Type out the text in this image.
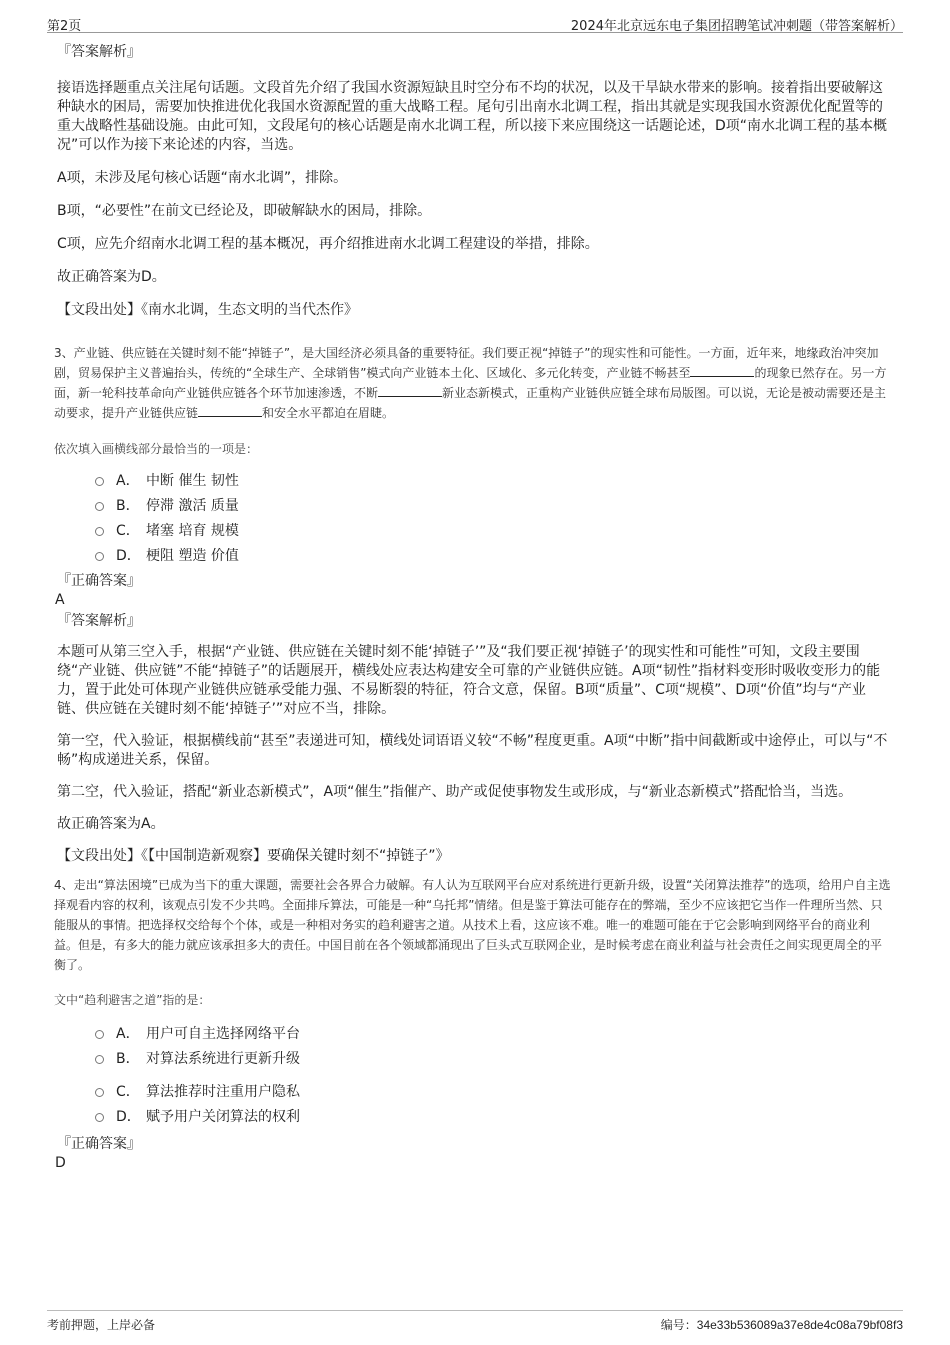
第2页	2024年北京远东电子集团招聘笔试冲刺题（带答案解析）
『答案解析』

接语选择题重点关注尾句话题。文段首先介绍了我国水资源短缺且时空分布不均的状况，以及干旱缺水带来的影响。接着指出要破解这种缺水的困局，需要加快推进优化我国水资源配置的重大战略工程。尾句引出南水北调工程，指出其就是实现我国水资源优化配置等的重大战略性基础设施。由此可知，文段尾句的核心话题是南水北调工程，所以接下来应围绕这一话题论述，D项“南水北调工程的基本概况”可以作为接下来论述的内容，当选。

A项，未涉及尾句核心话题“南水北调”，排除。

B项，“必要性”在前文已经论及，即破解缺水的困局，排除。

C项，应先介绍南水北调工程的基本概况，再介绍推进南水北调工程建设的举措，排除。

故正确答案为D。

【文段出处】《南水北调，生态文明的当代杰作》

3、产业链、供应链在关键时刻不能“掉链子”，是大国经济必须具备的重要特征。我们要正视“掉链子”的现实性和可能性。一方面，近年来，地缘政治冲突加剧，贸易保护主义普遍抬头，传统的“全球生产、全球销售”模式向产业链本土化、区域化、多元化转变，产业链不畅甚至	的现象已然存在。另一方面，新一轮科技革命向产业链供应链各个环节加速渗透，不断	新业态新模式，正重构产业链供应链全球布局版图。可以说，无论是被动需要还是主动要求，提升产业链供应链	和安全水平都迫在眉睫。

依次填入画横线部分最恰当的一项是：

A． 中断 催生 韧性
B． 停滞 激活 质量
C． 堵塞 培育 规模
D． 梗阻 塑造 价值
『正确答案』
A
『答案解析』

本题可从第三空入手，根据“产业链、供应链在关键时刻不能‘掉链子’”及“我们要正视‘掉链子’的现实性和可能性”可知，文段主要围绕“产业链、供应链”不能“掉链子”的话题展开，横线处应表达构建安全可靠的产业链供应链。A项“韧性”指材料变形时吸收变形力的能力，置于此处可体现产业链供应链承受能力强、不易断裂的特征，符合文意，保留。B项“质量”、C项“规模”、D项“价值”均与“产业链、供应链在关键时刻不能‘掉链子’”对应不当，排除。

第一空，代入验证，根据横线前“甚至”表递进可知，横线处词语语义较“不畅”程度更重。A项“中断”指中间截断或中途停止，可以与“不畅”构成递进关系，保留。

第二空，代入验证，搭配“新业态新模式”，A项“催生”指催产、助产或促使事物发生或形成，与“新业态新模式”搭配恰当，当选。

故正确答案为A。

【文段出处】《【中国制造新观察】要确保关键时刻不“掉链子”》

4、走出“算法困境”已成为当下的重大课题，需要社会各界合力破解。有人认为互联网平台应对系统进行更新升级，设置“关闭算法推荐”的选项，给用户自主选择观看内容的权利，该观点引发不少共鸣。全面排斥算法，可能是一种“乌托邦”情绪。但是鉴于算法可能存在的弊端，至少不应该把它当作一件理所当然、只能服从的事情。把选择权交给每个个体，或是一种相对务实的趋利避害之道。从技术上看，这应该不难。唯一的难题可能在于它会影响到网络平台的商业利益。但是，有多大的能力就应该承担多大的责任。中国目前在各个领域都涌现出了巨头式互联网企业，是时候考虑在商业利益与社会责任之间实现更周全的平衡了。

文中“趋利避害之道”指的是：

A． 用户可自主选择网络平台
B． 对算法系统进行更新升级
C． 算法推荐时注重用户隐私
D． 赋予用户关闭算法的权利
『正确答案』
D
考前押题，上岸必备	编号：34e33b536089a37e8de4c08a79bf08f3
